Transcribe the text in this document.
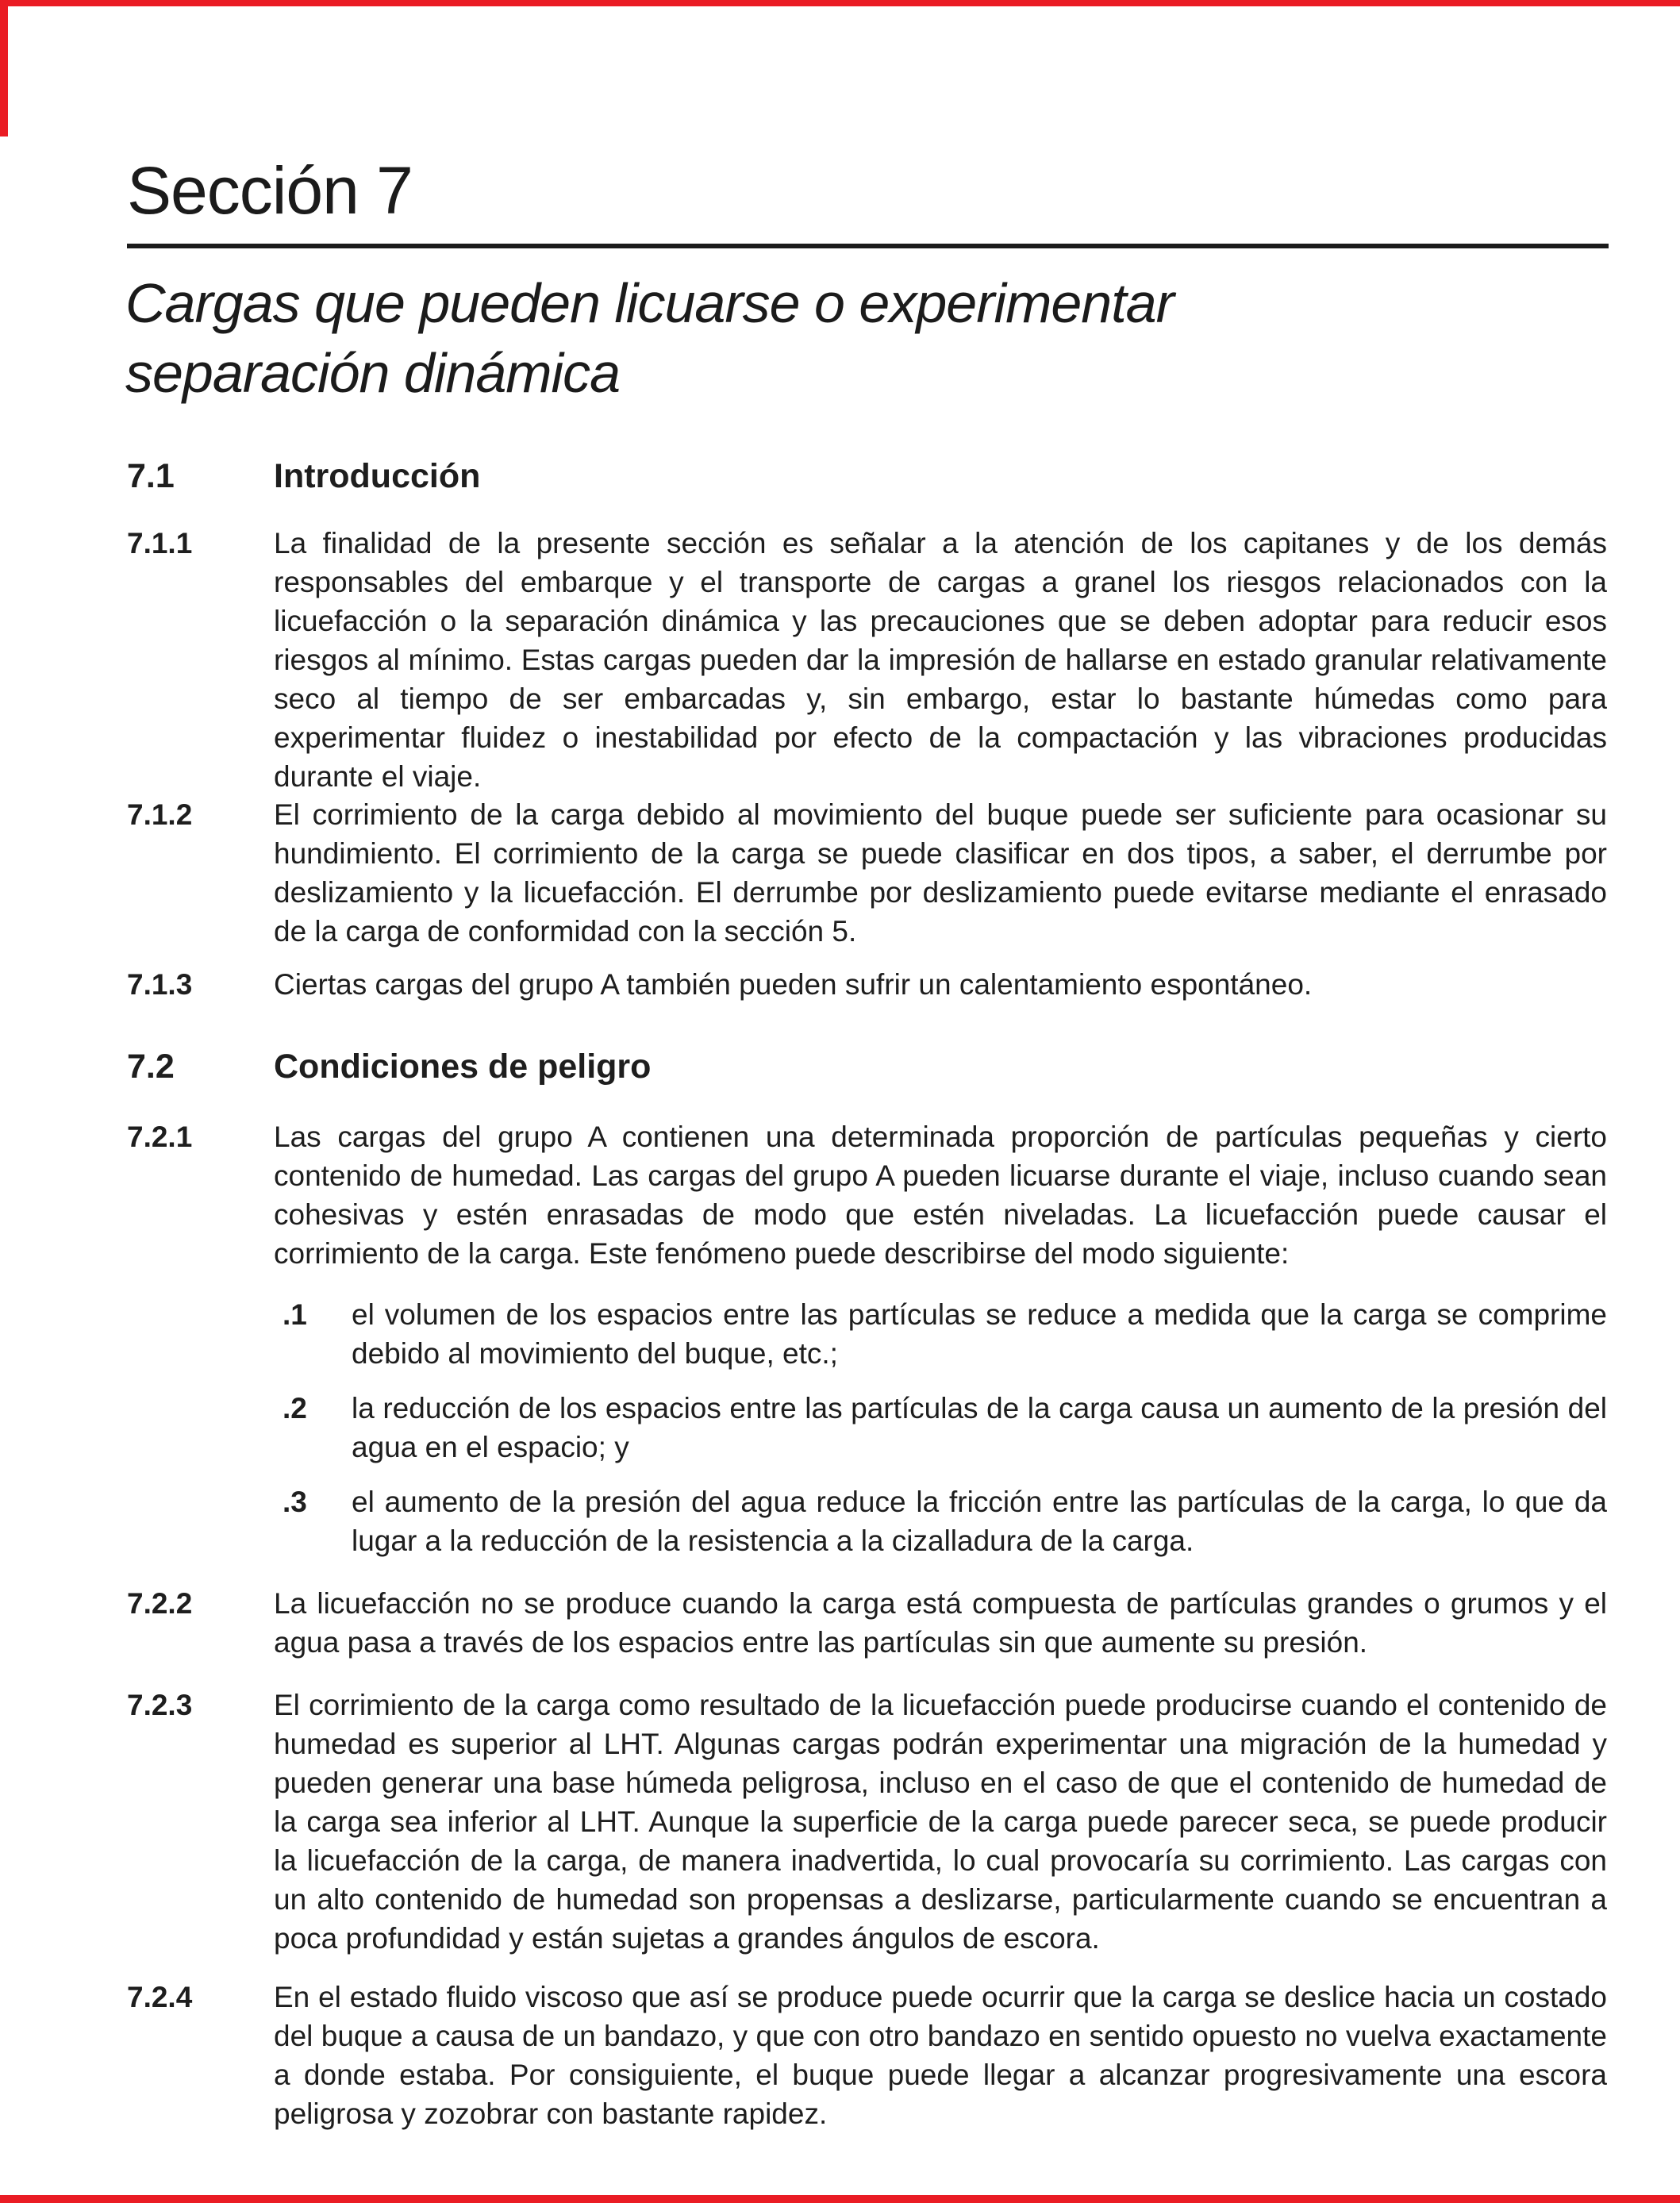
Sección 7
Cargas que pueden licuarse o experimentar
separación dinámica
7.1	Introducción
7.1.1	La finalidad de la presente sección es señalar a la atención de los capitanes y de los demás responsables del embarque y el transporte de cargas a granel los riesgos relacionados con la licuefacción o la separación dinámica y las precauciones que se deben adoptar para reducir esos riesgos al mínimo. Estas cargas pueden dar la impresión de hallarse en estado granular relativamente seco al tiempo de ser embarcadas y, sin embargo, estar lo bastante húmedas como para experimentar fluidez o inestabilidad por efecto de la compactación y las vibraciones producidas durante el viaje.
7.1.2	El corrimiento de la carga debido al movimiento del buque puede ser suficiente para ocasionar su hundimiento. El corrimiento de la carga se puede clasificar en dos tipos, a saber, el derrumbe por deslizamiento y la licuefacción. El derrumbe por deslizamiento puede evitarse mediante el enrasado de la carga de conformidad con la sección 5.
7.1.3	Ciertas cargas del grupo A también pueden sufrir un calentamiento espontáneo.
7.2	Condiciones de peligro
7.2.1	Las cargas del grupo A contienen una determinada proporción de partículas pequeñas y cierto contenido de humedad. Las cargas del grupo A pueden licuarse durante el viaje, incluso cuando sean cohesivas y estén enrasadas de modo que estén niveladas. La licuefacción puede causar el corrimiento de la carga. Este fenómeno puede describirse del modo siguiente:
.1 el volumen de los espacios entre las partículas se reduce a medida que la carga se comprime debido al movimiento del buque, etc.;
.2 la reducción de los espacios entre las partículas de la carga causa un aumento de la presión del agua en el espacio; y
.3 el aumento de la presión del agua reduce la fricción entre las partículas de la carga, lo que da lugar a la reducción de la resistencia a la cizalladura de la carga.
7.2.2	La licuefacción no se produce cuando la carga está compuesta de partículas grandes o grumos y el agua pasa a través de los espacios entre las partículas sin que aumente su presión.
7.2.3	El corrimiento de la carga como resultado de la licuefacción puede producirse cuando el contenido de humedad es superior al LHT. Algunas cargas podrán experimentar una migración de la humedad y pueden generar una base húmeda peligrosa, incluso en el caso de que el contenido de humedad de la carga sea inferior al LHT. Aunque la superficie de la carga puede parecer seca, se puede producir la licuefacción de la carga, de manera inadvertida, lo cual provocaría su corrimiento. Las cargas con un alto contenido de humedad son propensas a deslizarse, particularmente cuando se encuentran a poca profundidad y están sujetas a grandes ángulos de escora.
7.2.4	En el estado fluido viscoso que así se produce puede ocurrir que la carga se deslice hacia un costado del buque a causa de un bandazo, y que con otro bandazo en sentido opuesto no vuelva exactamente a donde estaba. Por consiguiente, el buque puede llegar a alcanzar progresivamente una escora peligrosa y zozobrar con bastante rapidez.
